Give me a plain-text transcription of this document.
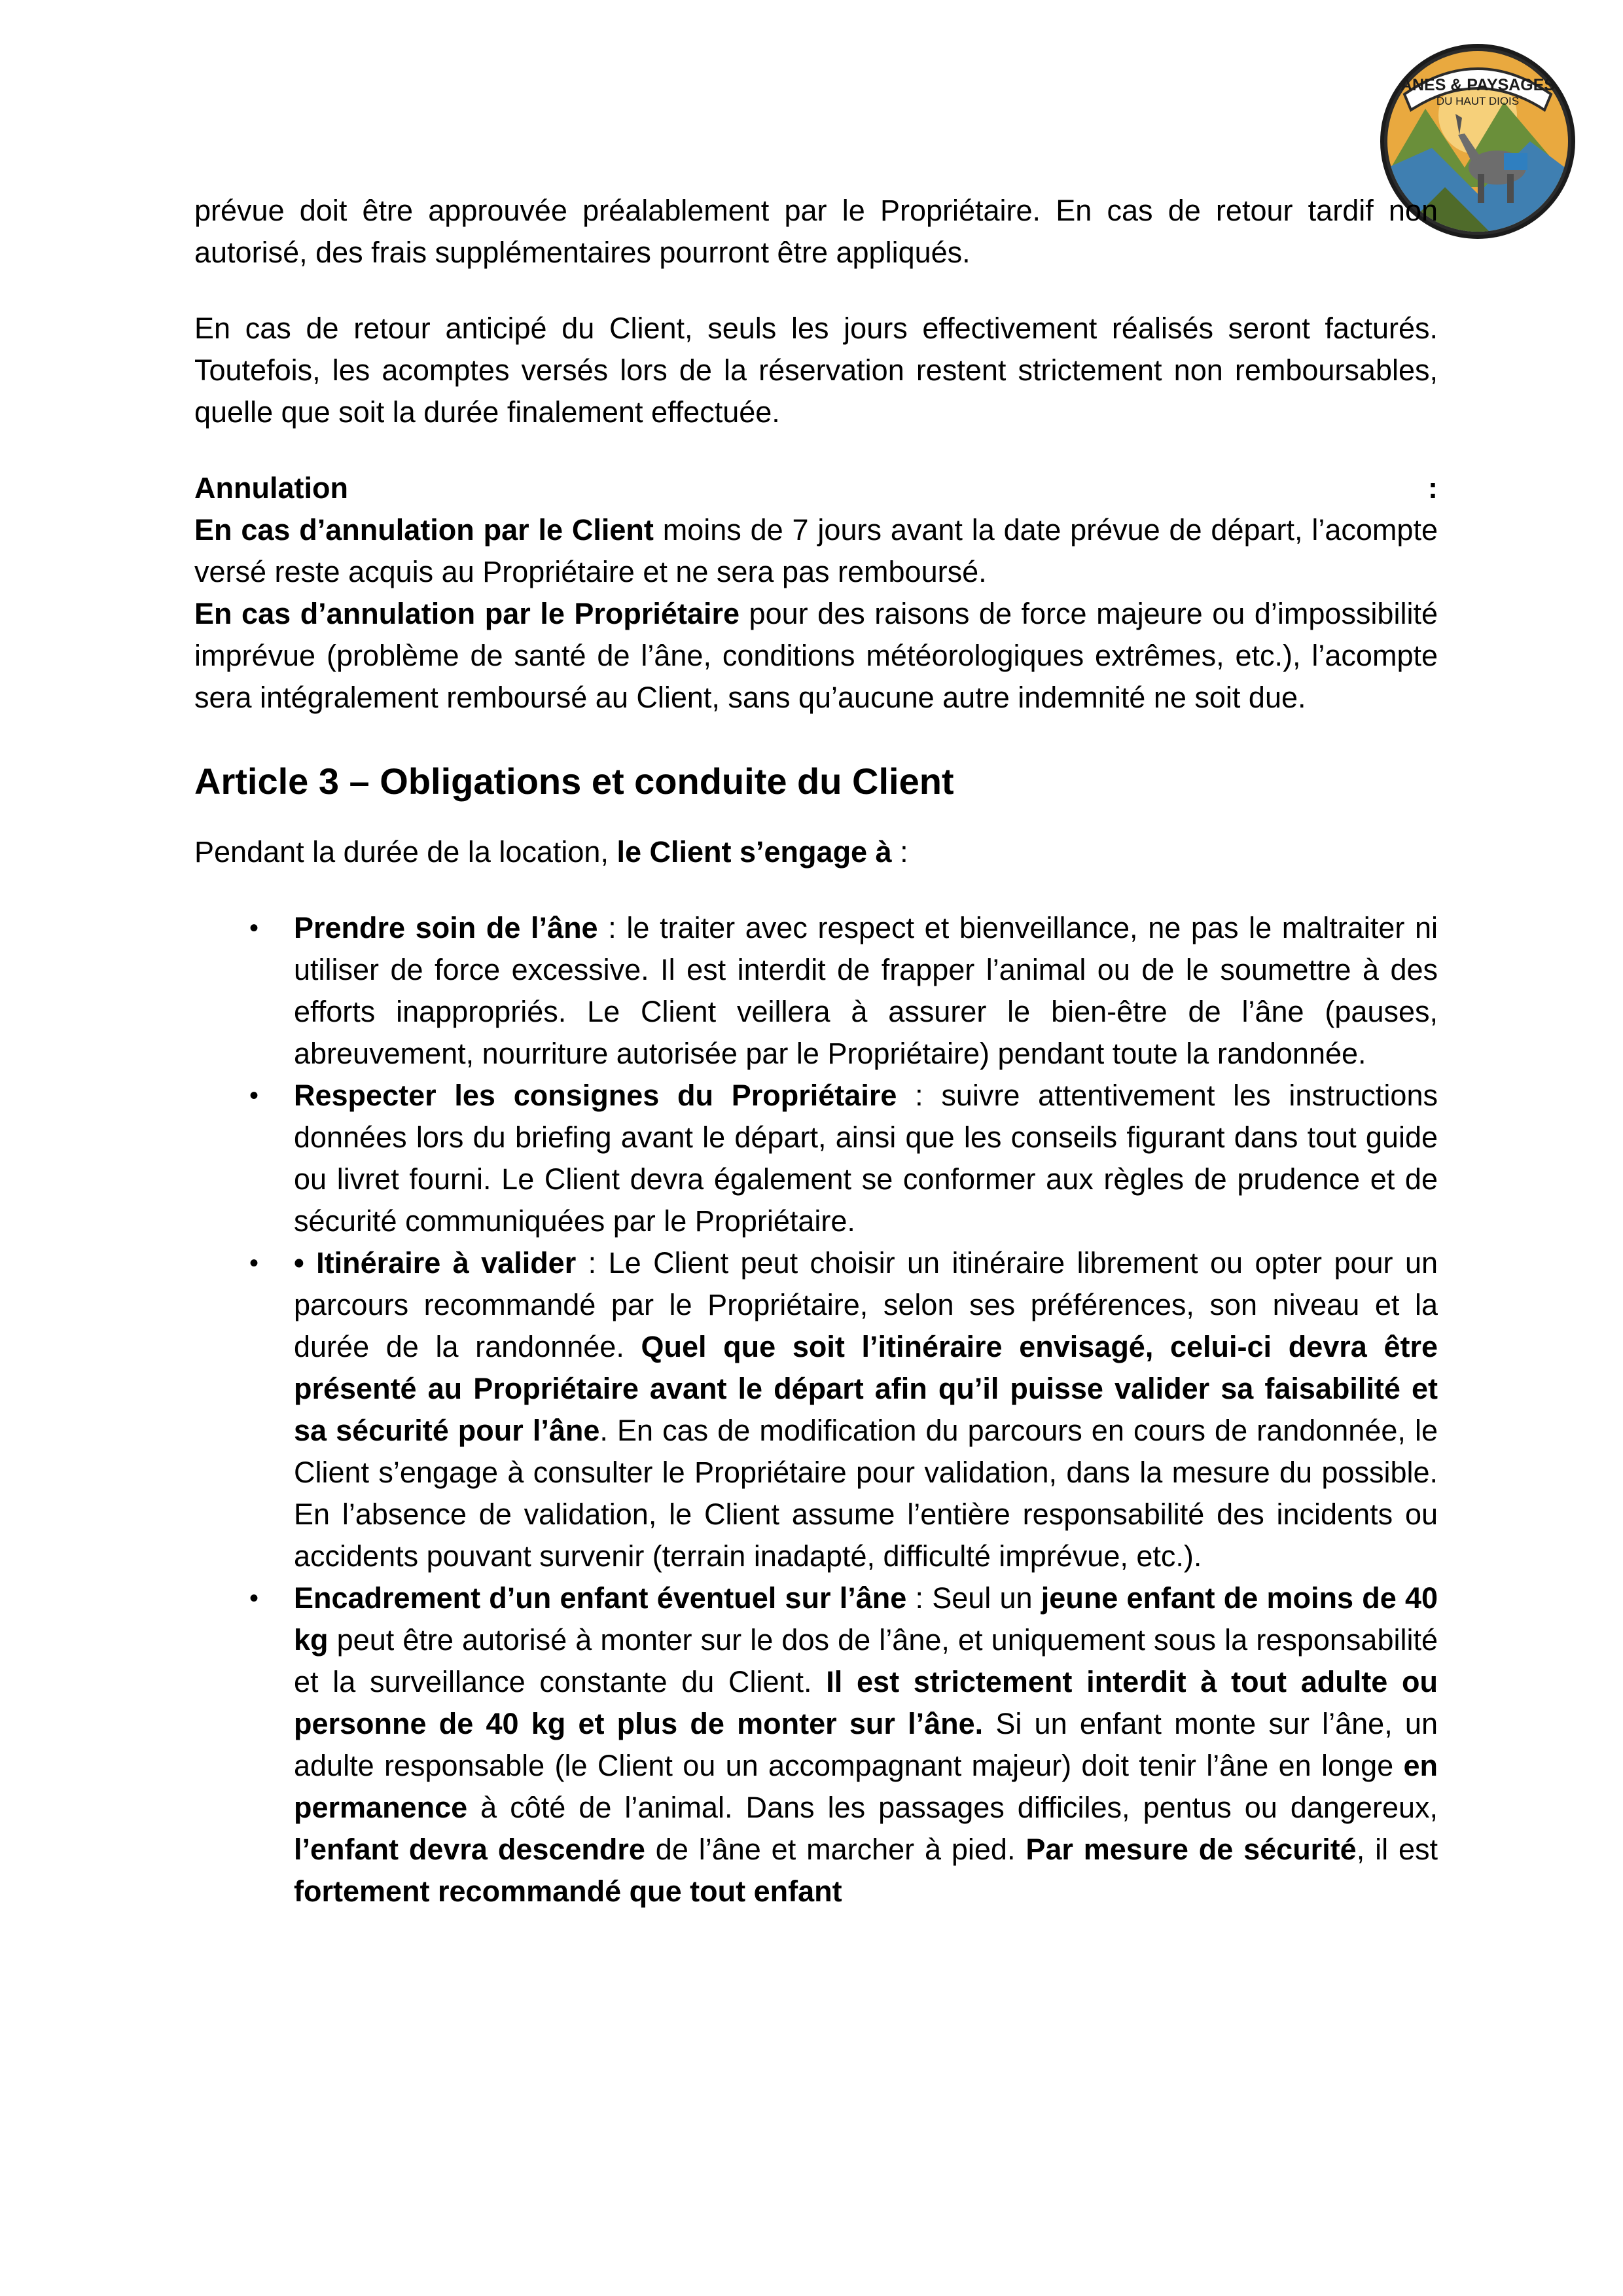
ANES & PAYSAGES
DU HAUT DIOIS

prévue doit être approuvée préalablement par le Propriétaire. En cas de retour tardif non autorisé, des frais supplémentaires pourront être appliqués.

En cas de retour anticipé du Client, seuls les jours effectivement réalisés seront facturés. Toutefois, les acomptes versés lors de la réservation restent strictement non remboursables, quelle que soit la durée finalement effectuée.

Annulation	:

En cas d’annulation par le Client moins de 7 jours avant la date prévue de départ, l’acompte versé reste acquis au Propriétaire et ne sera pas remboursé.

En cas d’annulation par le Propriétaire pour des raisons de force majeure ou d’impossibilité imprévue (problème de santé de l’âne, conditions météorologiques extrêmes, etc.), l’acompte sera intégralement remboursé au Client, sans qu’aucune autre indemnité ne soit due.

Article 3 – Obligations et conduite du Client

Pendant la durée de la location, le Client s’engage à :

• Prendre soin de l’âne : le traiter avec respect et bienveillance, ne pas le maltraiter ni utiliser de force excessive. Il est interdit de frapper l’animal ou de le soumettre à des efforts inappropriés. Le Client veillera à assurer le bien-être de l’âne (pauses, abreuvement, nourriture autorisée par le Propriétaire) pendant toute la randonnée.
• Respecter les consignes du Propriétaire : suivre attentivement les instructions données lors du briefing avant le départ, ainsi que les conseils figurant dans tout guide ou livret fourni. Le Client devra également se conformer aux règles de prudence et de sécurité communiquées par le Propriétaire.
• • Itinéraire à valider : Le Client peut choisir un itinéraire librement ou opter pour un parcours recommandé par le Propriétaire, selon ses préférences, son niveau et la durée de la randonnée. Quel que soit l’itinéraire envisagé, celui-ci devra être présenté au Propriétaire avant le départ afin qu’il puisse valider sa faisabilité et sa sécurité pour l’âne. En cas de modification du parcours en cours de randonnée, le Client s’engage à consulter le Propriétaire pour validation, dans la mesure du possible. En l’absence de validation, le Client assume l’entière responsabilité des incidents ou accidents pouvant survenir (terrain inadapté, difficulté imprévue, etc.).
• Encadrement d’un enfant éventuel sur l’âne : Seul un jeune enfant de moins de 40 kg peut être autorisé à monter sur le dos de l’âne, et uniquement sous la responsabilité et la surveillance constante du Client. Il est strictement interdit à tout adulte ou personne de 40 kg et plus de monter sur l’âne. Si un enfant monte sur l’âne, un adulte responsable (le Client ou un accompagnant majeur) doit tenir l’âne en longe en permanence à côté de l’animal. Dans les passages difficiles, pentus ou dangereux, l’enfant devra descendre de l’âne et marcher à pied. Par mesure de sécurité, il est fortement recommandé que tout enfant
